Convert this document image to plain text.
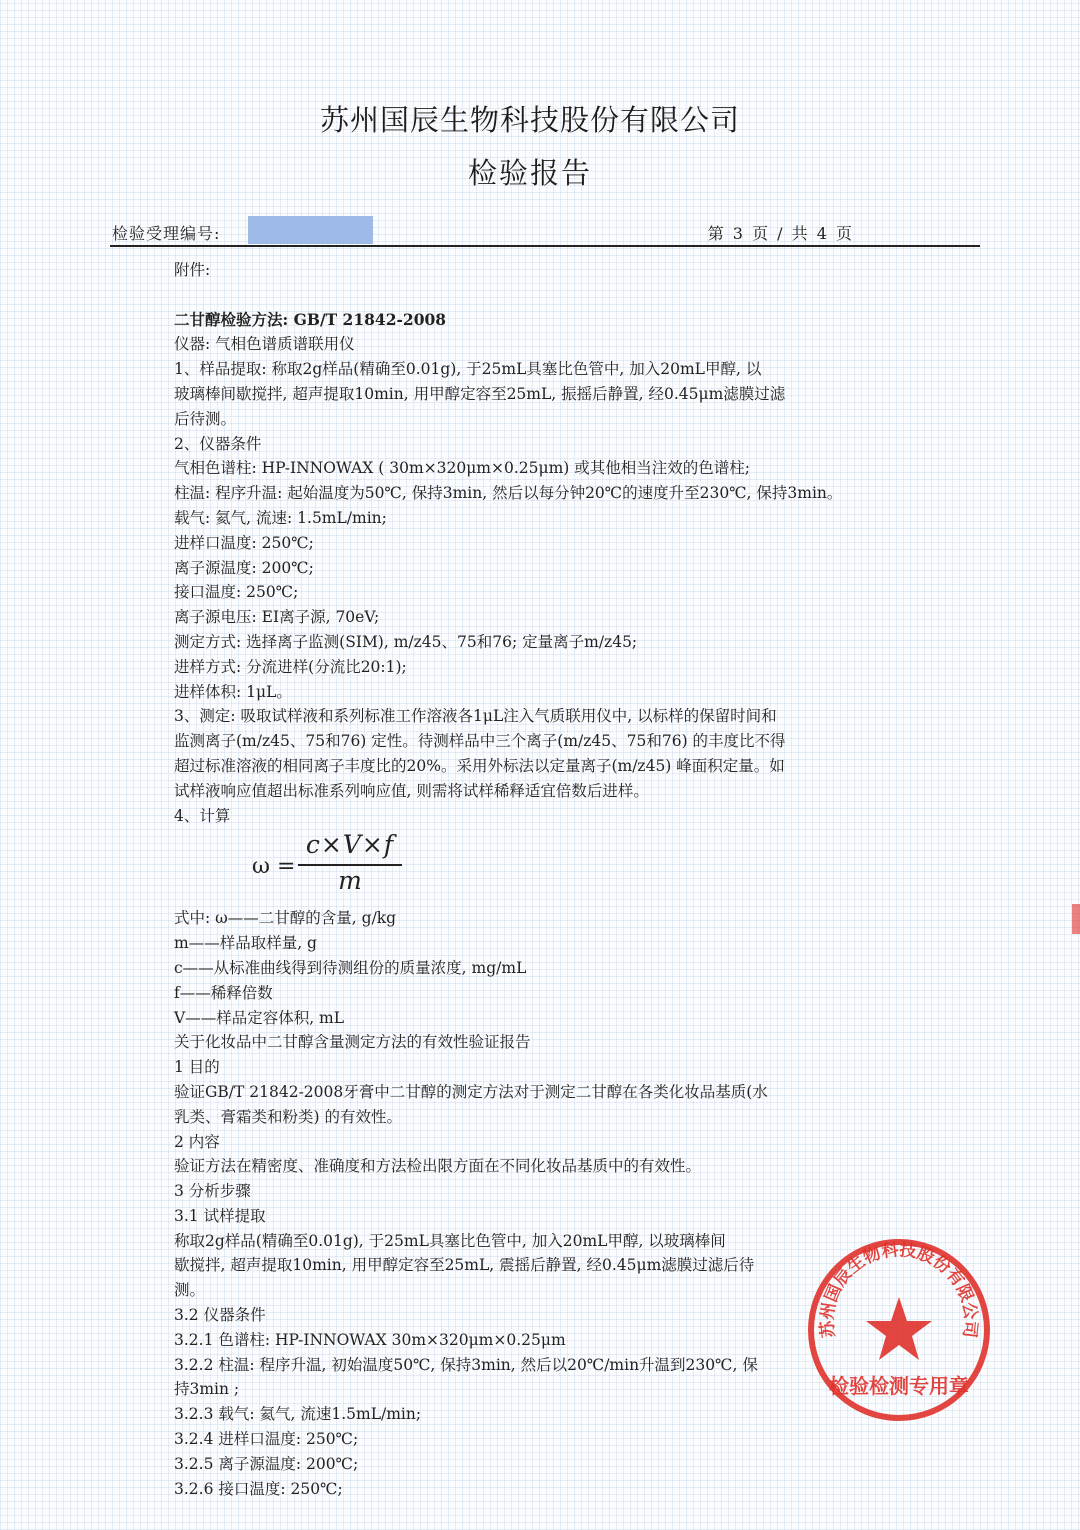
苏州国辰生物科技股份有限公司
检验报告
检验受理编号:	第 3 页 / 共 4 页
附件:
二甘醇检验方法: GB/T 21842-2008
仪器: 气相色谱质谱联用仪
1、样品提取: 称取2g样品(精确至0.01g), 于25mL具塞比色管中, 加入20mL甲醇, 以
玻璃棒间歇搅拌, 超声提取10min, 用甲醇定容至25mL, 振摇后静置, 经0.45μm滤膜过滤
后待测。
2、仪器条件
气相色谱柱: HP-INNOWAX ( 30m×320μm×0.25μm) 或其他相当注效的色谱柱;
柱温: 程序升温: 起始温度为50℃, 保持3min, 然后以每分钟20℃的速度升至230℃, 保持3min。
载气: 氦气, 流速: 1.5mL/min;
进样口温度: 250℃;
离子源温度: 200℃;
接口温度: 250℃;
离子源电压: EI离子源, 70eV;
测定方式: 选择离子监测(SIM), m/z45、75和76; 定量离子m/z45;
进样方式: 分流进样(分流比20:1);
进样体积: 1μL。
3、测定: 吸取试样液和系列标准工作溶液各1μL注入气质联用仪中, 以标样的保留时间和
监测离子(m/z45、75和76) 定性。待测样品中三个离子(m/z45、75和76) 的丰度比不得
超过标准溶液的相同离子丰度比的20%。采用外标法以定量离子(m/z45) 峰面积定量。如
试样液响应值超出标准系列响应值, 则需将试样稀释适宜倍数后进样。
4、计算
式中: ω——二甘醇的含量, g/kg
m——样品取样量, g
c——从标准曲线得到待测组份的质量浓度, mg/mL
f——稀释倍数
V——样品定容体积, mL
关于化妆品中二甘醇含量测定方法的有效性验证报告
1 目的
验证GB/T 21842-2008牙膏中二甘醇的测定方法对于测定二甘醇在各类化妆品基质(水
乳类、膏霜类和粉类) 的有效性。
2 内容
验证方法在精密度、准确度和方法检出限方面在不同化妆品基质中的有效性。
3 分析步骤
3.1 试样提取
称取2g样品(精确至0.01g), 于25mL具塞比色管中, 加入20mL甲醇, 以玻璃棒间
歇搅拌, 超声提取10min, 用甲醇定容至25mL, 震摇后静置, 经0.45μm滤膜过滤后待
测。
3.2 仪器条件
3.2.1 色谱柱: HP-INNOWAX 30m×320μm×0.25μm
3.2.2 柱温: 程序升温, 初始温度50℃, 保持3min, 然后以20℃/min升温到230℃, 保
持3min ;
3.2.3 载气: 氦气, 流速1.5mL/min;
3.2.4 进样口温度: 250℃;
3.2.5 离子源温度: 200℃;
3.2.6 接口温度: 250℃;
ω =
c×V×f
m
苏州国辰生物科技股份有限公司
检验检测专用章
